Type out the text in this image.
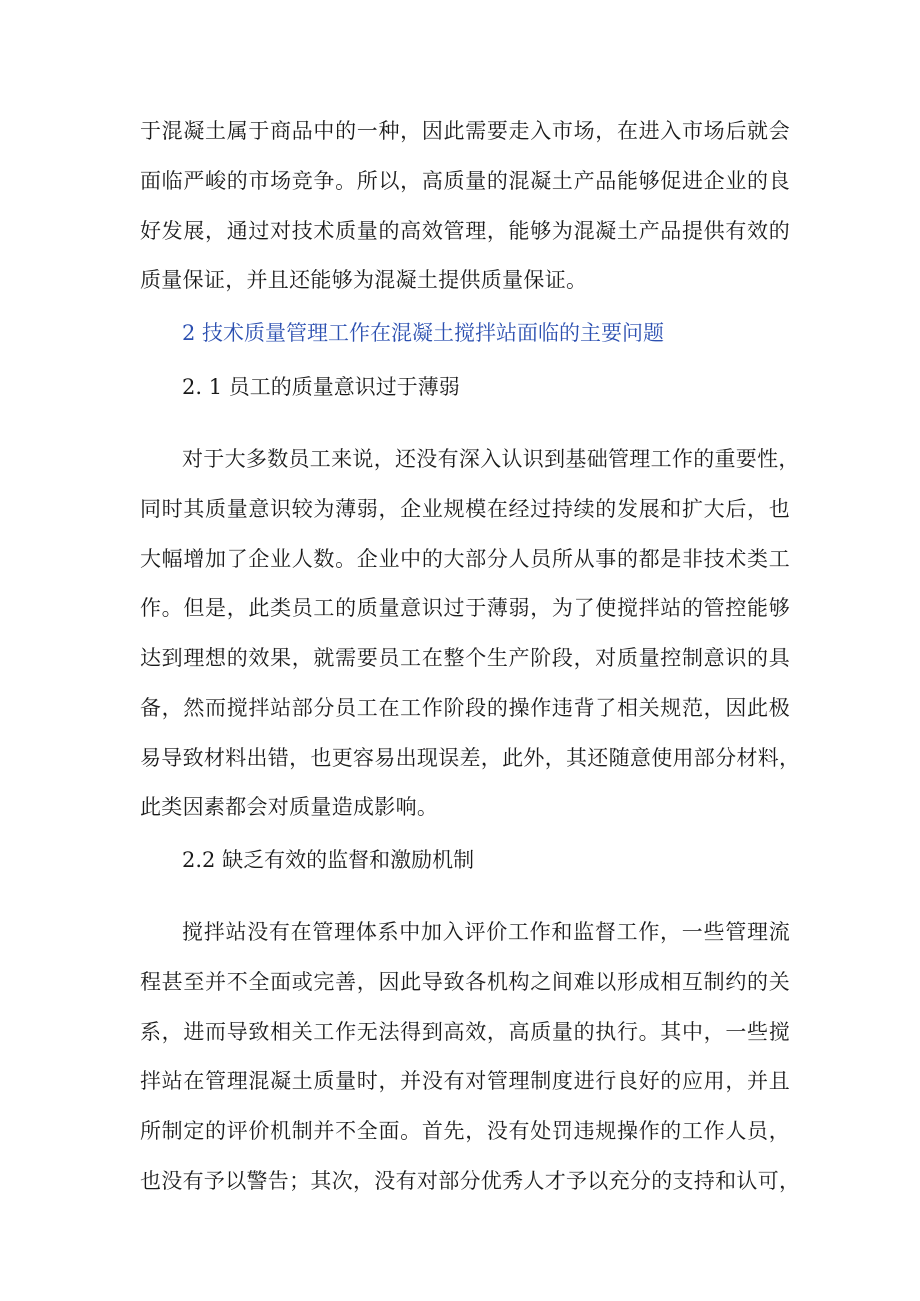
于混凝土属于商品中的一种，因此需要走入市场，在进入市场后就会
面临严峻的市场竞争。所以，高质量的混凝土产品能够促进企业的良
好发展，通过对技术质量的高效管理，能够为混凝土产品提供有效的
质量保证，并且还能够为混凝土提供质量保证。
2 技术质量管理工作在混凝土搅拌站面临的主要问题
2. 1 员工的质量意识过于薄弱
对于大多数员工来说，还没有深入认识到基础管理工作的重要性，
同时其质量意识较为薄弱，企业规模在经过持续的发展和扩大后，也
大幅增加了企业人数。企业中的大部分人员所从事的都是非技术类工
作。但是，此类员工的质量意识过于薄弱，为了使搅拌站的管控能够
达到理想的效果，就需要员工在整个生产阶段，对质量控制意识的具
备，然而搅拌站部分员工在工作阶段的操作违背了相关规范，因此极
易导致材料出错，也更容易出现误差，此外，其还随意使用部分材料，
此类因素都会对质量造成影响。
2.2 缺乏有效的监督和激励机制
搅拌站没有在管理体系中加入评价工作和监督工作，一些管理流
程甚至并不全面或完善，因此导致各机构之间难以形成相互制约的关
系，进而导致相关工作无法得到高效，高质量的执行。其中，一些搅
拌站在管理混凝土质量时，并没有对管理制度进行良好的应用，并且
所制定的评价机制并不全面。首先，没有处罚违规操作的工作人员，
也没有予以警告；其次，没有对部分优秀人才予以充分的支持和认可，
